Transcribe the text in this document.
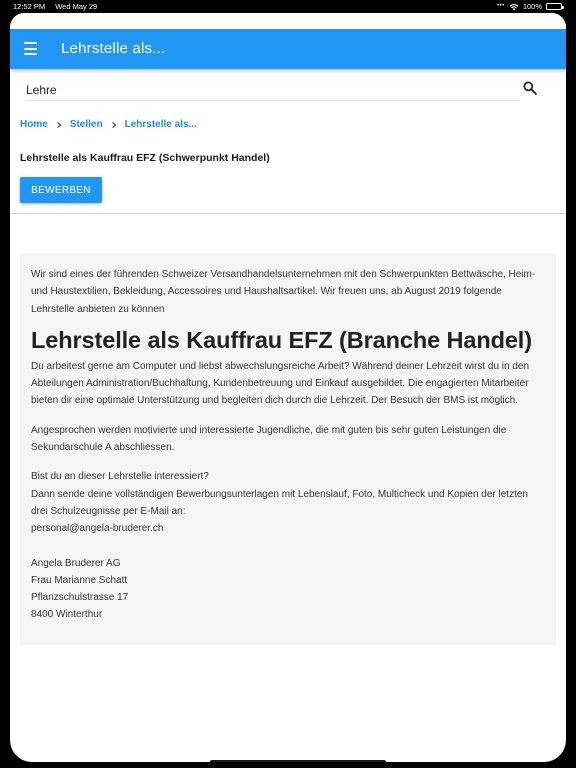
12:52 PM Wed May 29	••• 100%
Lehrstelle als...
Lehre
Home Stellen Lehrstelle als...
Lehrstelle als Kauffrau EFZ (Schwerpunkt Handel)
BEWERBEN

Wir sind eines der führenden Schweizer Versandhandelsunternehmen mit den Schwerpunkten Bettwäsche, Heim- und Haustextilien, Bekleidung, Accessoires und Haushaltsartikel. Wir freuen uns, ab August 2019 folgende Lehrstelle anbieten zu können

Lehrstelle als Kauffrau EFZ (Branche Handel)

Du arbeitest gerne am Computer und liebst abwechslungsreiche Arbeit? Während deiner Lehrzeit wirst du in den Abteilungen Administration/Buchhaltung, Kundenbetreuung und Einkauf ausgebildet. Die engagierten Mitarbeiter bieten dir eine optimale Unterstützung und begleiten dich durch die Lehrzeit. Der Besuch der BMS ist möglich.

Angesprochen werden motivierte und interessierte Jugendliche, die mit guten bis sehr guten Leistungen die Sekundarschule A abschliessen.

Bist du an dieser Lehrstelle interessiert?

Dann sende deine vollständigen Bewerbungsunterlagen mit Lebenslauf, Foto, Multicheck und Kopien der letzten drei Schulzeugnisse per E-Mail an:

personal@angela-bruderer.ch

Angela Bruderer AG

Frau Marianne Schatt

Pflanzschulstrasse 17

8400 Winterthur
